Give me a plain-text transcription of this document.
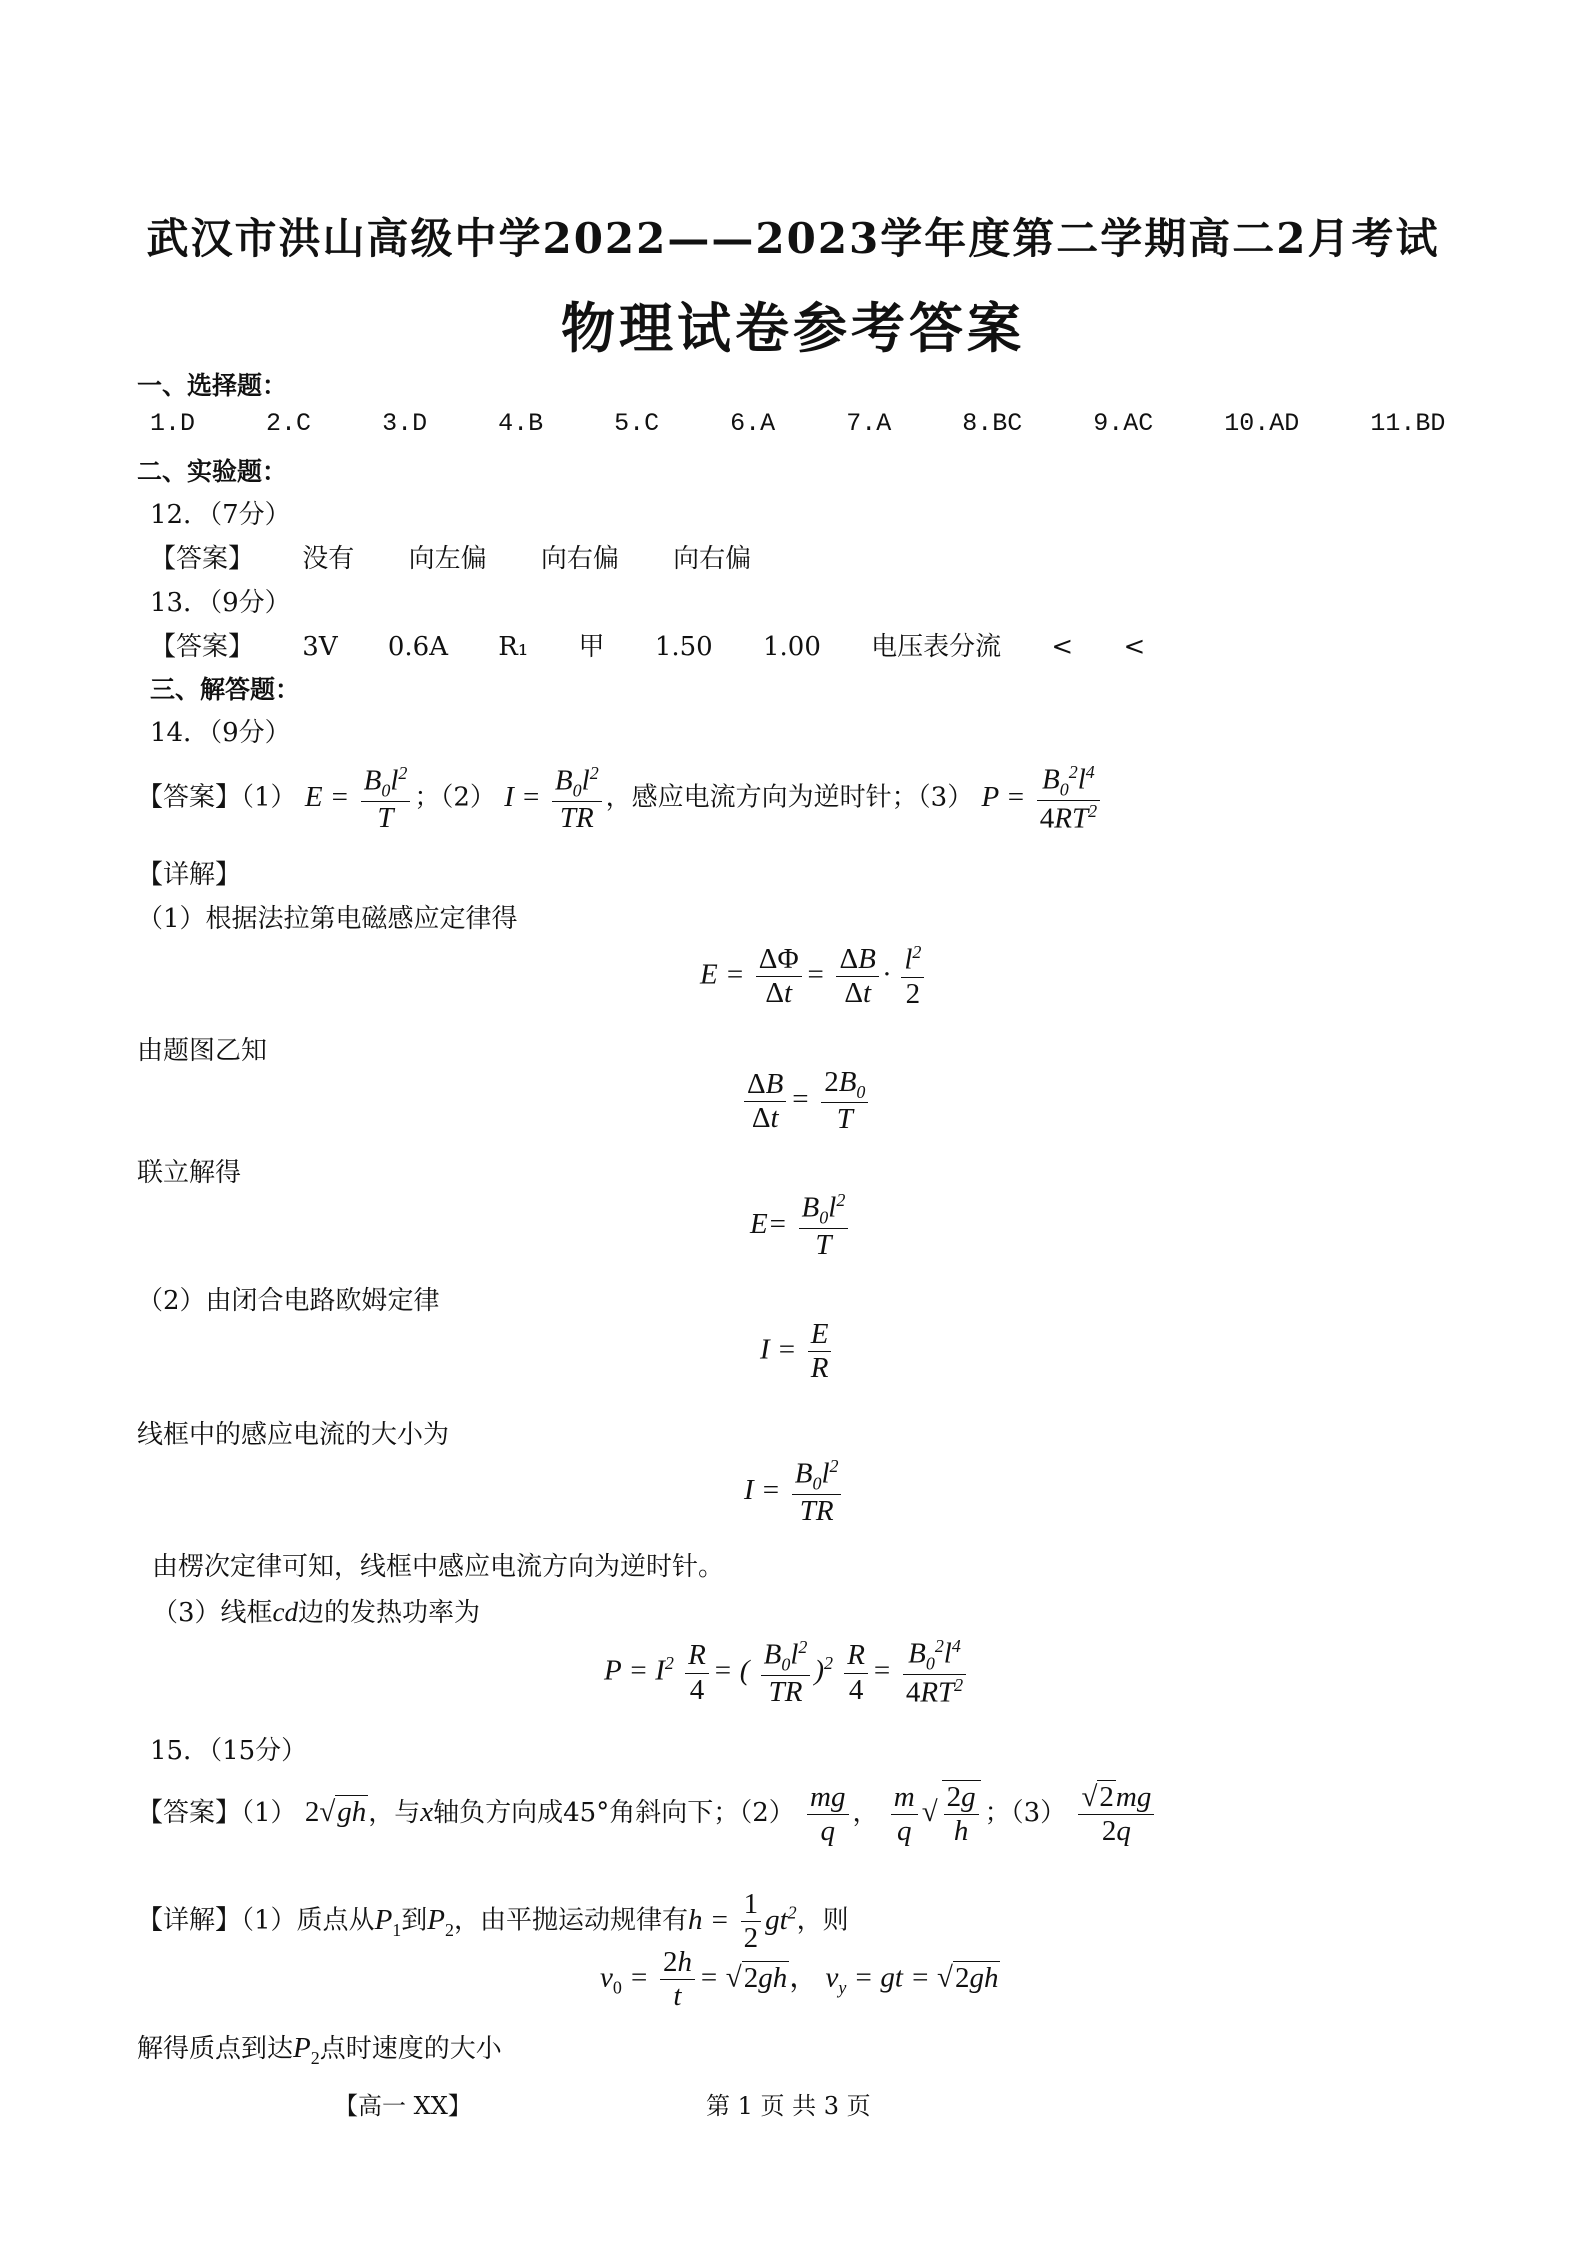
武汉市洪山高级中学2022——2023学年度第二学期高二2月考试
物理试卷参考答案
一、选择题：
1.D	2.C	3.D	4.B	5.C	6.A	7.A	8.BC	9.AC	10.AD	11.BD
二、实验题：
12．（7分）
【答案】 没有 向左偏 向右偏 向右偏
13．（9分）
【答案】 3V 0.6A R₁ 甲 1.50 1.00 电压表分流 < <
三、解答题：
14．（9分）
【答案】（1） $E = \frac{B_0l^2}{T}$ ；（2） $I = \frac{B_0l^2}{TR}$ ，感应电流方向为逆时针；（3） $P = \frac{B_0^2l^4}{4RT^2}$
【详解】
（1）根据法拉第电磁感应定律得
$E = \frac{\Delta\Phi}{\Delta t} = \frac{\Delta B}{\Delta t} \cdot \frac{l^2}{2}$
由题图乙知
$\frac{\Delta B}{\Delta t} = \frac{2B_0}{T}$
联立解得
$E= \frac{B_0l^2}{T}$
（2）由闭合电路欧姆定律
$I = \frac{E}{R}$
线框中的感应电流的大小为
$I = \frac{B_0l^2}{TR}$
由楞次定律可知，线框中感应电流方向为逆时针。
（3）线框cd边的发热功率为
$P = I^2 \frac{R}{4}$ = ( $\frac{B_0l^2}{TR} )^2 \frac{R}{4} = \frac{B_0^2l^4}{4RT^2}$
15．（15分）
【答案】（1） 2√gh，与x轴负方向成45°角斜向下；$(2) \frac{mg}{q}$ ， $\frac{m}{q}$ √ $\frac{2g}{h}$ ；$(3) \frac{√2mg}{2q}$
【详解】（1）质点从$P_1$到$P_2$，由平抛运动规律有$h = \frac{1}{2} gt^2$，则
$v_0 = \frac{2h}{t} = √2gh$， $v_y$ = gt = √2gh
解得质点到达$P_2$点时速度的大小
【高一 XX】	第 1 页 共 3 页
